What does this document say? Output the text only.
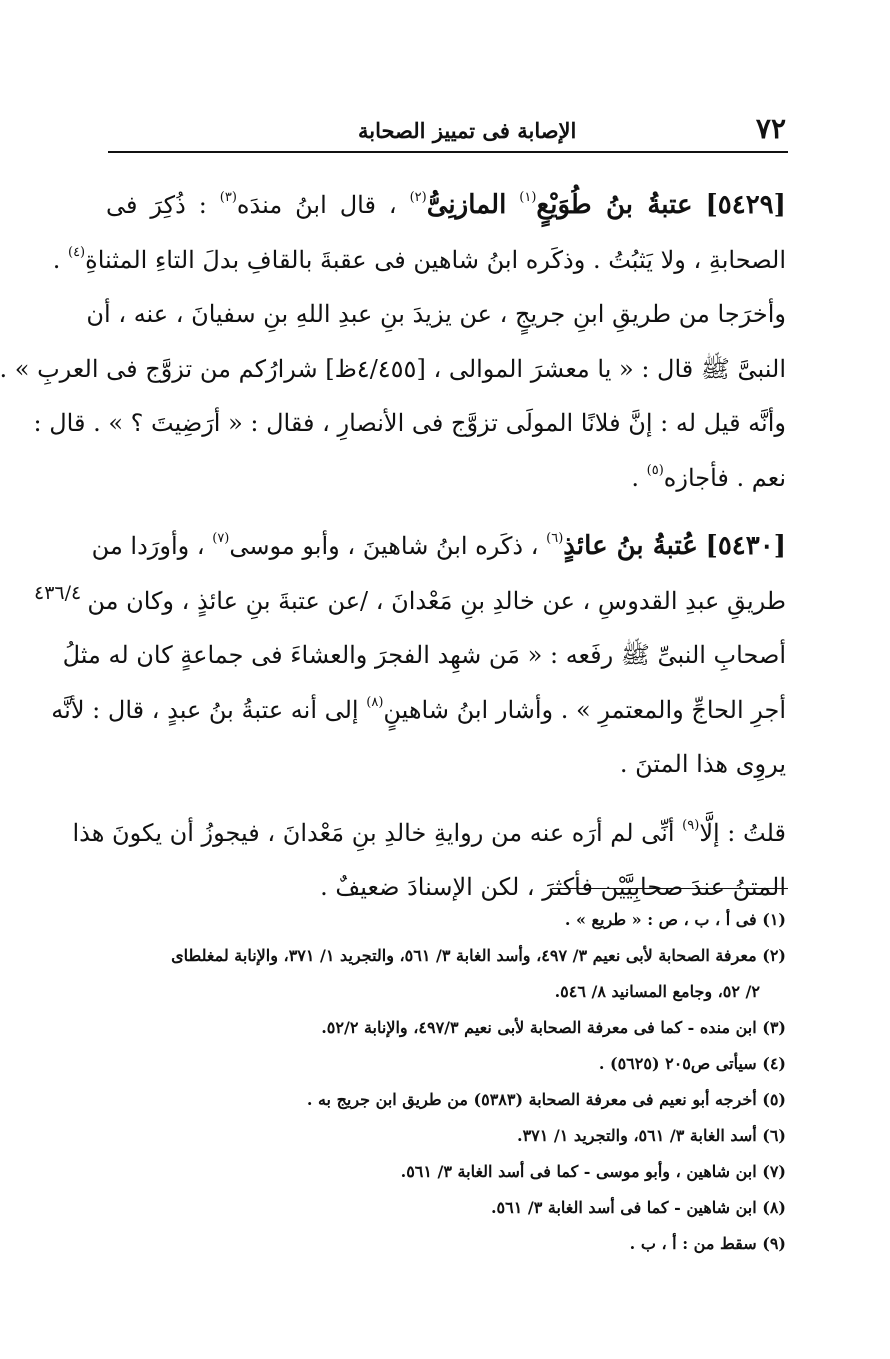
٧٢
الإصابة فى تمييز الصحابة
٤٣٦/٤
[٥٤٢٩] عتبةُ بنُ طُوَيْعٍ$^{(١)}$ المازنِىُّ$^{(٢)}$ ، قال ابنُ مندَه$^{(٣)}$ : ذُكِرَ فى
الصحابةِ ، ولا يَثبُتُ . وذكَره ابنُ شاهين فى عقبةَ بالقافِ بدلَ التاءِ المثناةِ$^{(٤)}$ .
وأخرَجا من طريقِ ابنِ جريجٍ ، عن يزيدَ بنِ عبدِ اللهِ بنِ سفيانَ ، عنه ، أن
النبىَّ ﷺ قال : « يا معشرَ الموالى ، [٤/٤٥٥ظ] شرارُكم من تزوَّج فى العربِ » .
وأنَّه قيل له : إنَّ فلانًا المولَى تزوَّج فى الأنصارِ ، فقال : « أرَضِيتَ ؟ » . قال :
نعم . فأجازه$^{(٥)}$ .
[٥٤٣٠] عُتبةُ بنُ عائذٍ$^{(٦)}$ ، ذكَره ابنُ شاهينَ ، وأبو موسى$^{(٧)}$ ، وأورَدا من
طريقِ عبدِ القدوسِ ، عن خالدِ بنِ مَعْدانَ ، /عن عتبةَ بنِ عائذٍ ، وكان من
أصحابِ النبىِّ ﷺ رفَعه : « مَن شهِد الفجرَ والعشاءَ فى جماعةٍ كان له مثلُ
أجرِ الحاجِّ والمعتمرِ » . وأشار ابنُ شاهينٍ$^{(٨)}$ إلى أنه عتبةُ بنُ عبدٍ ، قال : لأنَّه
يروِى هذا المتنَ .
قلتُ : إلَّا$^{(٩)}$ أنِّى لم أرَه عنه من روايةِ خالدِ بنِ مَعْدانَ ، فيجوزُ أن يكونَ هذا
المتنُ عندَ صحابِيَّيْن فأكثرَ ، لكن الإسنادَ ضعيفٌ .
(١) فى أ ، ب ، ص : « طريع » .
(٢) معرفة الصحابة لأبى نعيم ٣/ ٤٩٧، وأسد الغابة ٣/ ٥٦١، والتجريد ١/ ٣٧١، والإنابة لمغلطاى
٢/ ٥٢، وجامع المسانيد ٨/ ٥٤٦.
(٣) ابن منده - كما فى معرفة الصحابة لأبى نعيم ٤٩٧/٣، والإنابة ٥٢/٢.
(٤) سيأتى ص٢٠٥ (٥٦٢٥) .
(٥) أخرجه أبو نعيم فى معرفة الصحابة (٥٣٨٣) من طريق ابن جريج به .
(٦) أسد الغابة ٣/ ٥٦١، والتجريد ١/ ٣٧١.
(٧) ابن شاهين ، وأبو موسى - كما فى أسد الغابة ٣/ ٥٦١.
(٨) ابن شاهين - كما فى أسد الغابة ٣/ ٥٦١.
(٩) سقط من : أ ، ب .
